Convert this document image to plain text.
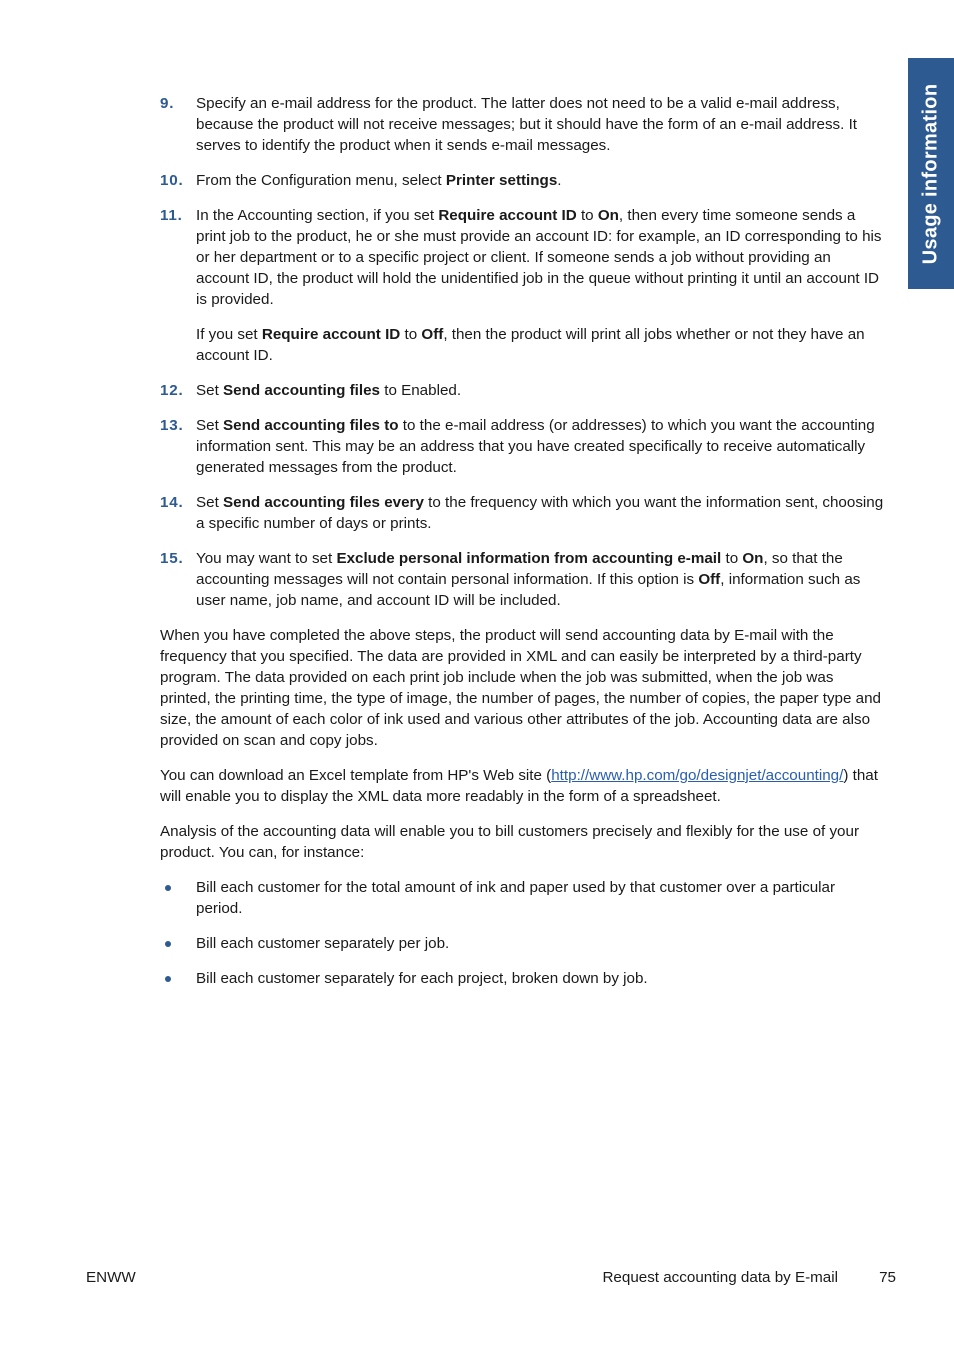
Usage information
9. Specify an e-mail address for the product. The latter does not need to be a valid e-mail address, because the product will not receive messages; but it should have the form of an e-mail address. It serves to identify the product when it sends e-mail messages.

10. From the Configuration menu, select Printer settings.

11. In the Accounting section, if you set Require account ID to On, then every time someone sends a print job to the product, he or she must provide an account ID: for example, an ID corresponding to his or her department or to a specific project or client. If someone sends a job without providing an account ID, the product will hold the unidentified job in the queue without printing it until an account ID is provided.

If you set Require account ID to Off, then the product will print all jobs whether or not they have an account ID.

12. Set Send accounting files to Enabled.

13. Set Send accounting files to to the e-mail address (or addresses) to which you want the accounting information sent. This may be an address that you have created specifically to receive automatically generated messages from the product.

14. Set Send accounting files every to the frequency with which you want the information sent, choosing a specific number of days or prints.

15. You may want to set Exclude personal information from accounting e-mail to On, so that the accounting messages will not contain personal information. If this option is Off, information such as user name, job name, and account ID will be included.

When you have completed the above steps, the product will send accounting data by E-mail with the frequency that you specified. The data are provided in XML and can easily be interpreted by a third-party program. The data provided on each print job include when the job was submitted, when the job was printed, the printing time, the type of image, the number of pages, the number of copies, the paper type and size, the amount of each color of ink used and various other attributes of the job. Accounting data are also provided on scan and copy jobs.

You can download an Excel template from HP's Web site (http://www.hp.com/go/designjet/accounting/) that will enable you to display the XML data more readably in the form of a spreadsheet.

Analysis of the accounting data will enable you to bill customers precisely and flexibly for the use of your product. You can, for instance:

Bill each customer for the total amount of ink and paper used by that customer over a particular period.
Bill each customer separately per job.
Bill each customer separately for each project, broken down by job.
ENWW	Request accounting data by E-mail	75
